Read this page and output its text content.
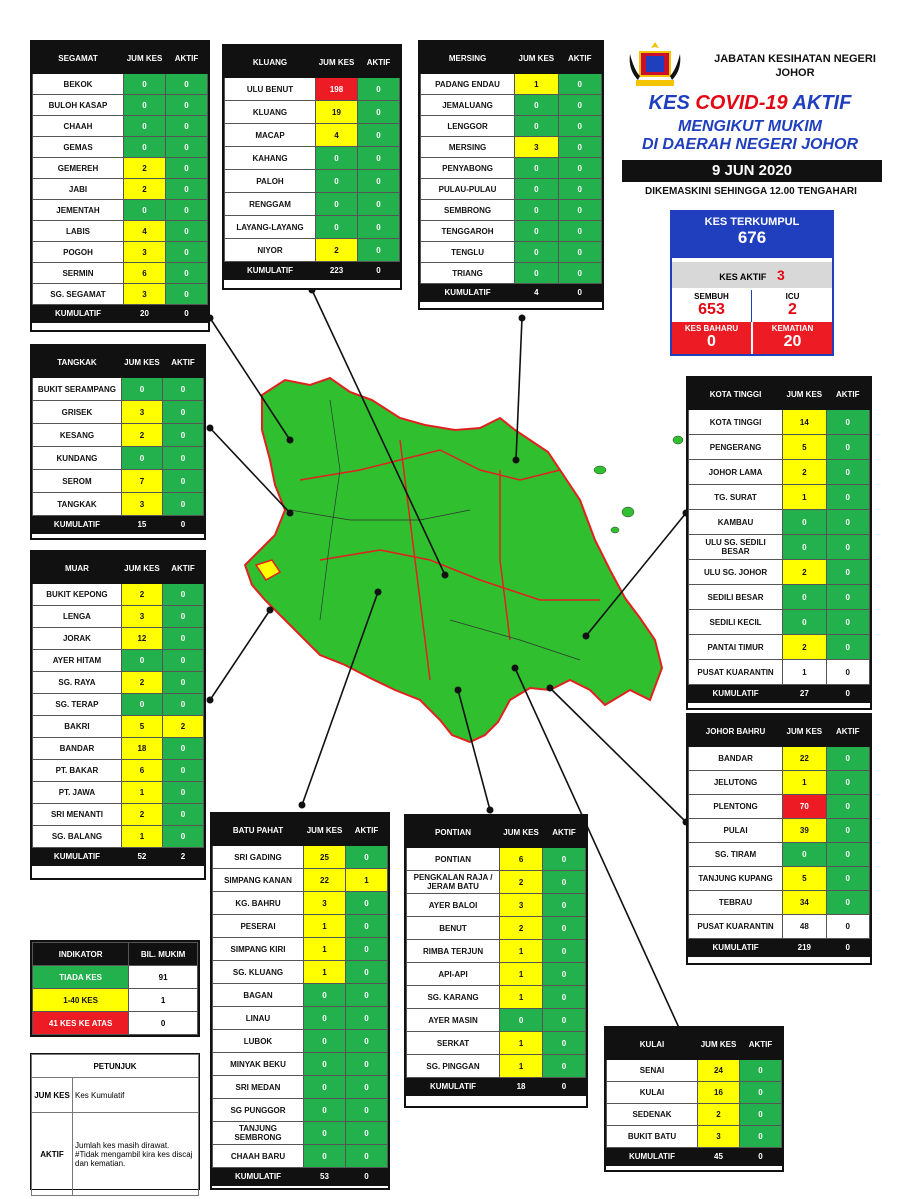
JABATAN KESIHATAN NEGERI
JOHOR
KES COVID-19 AKTIF
MENGIKUT MUKIM
DI DAERAH NEGERI JOHOR
9 JUN 2020
DIKEMASKINI SEHINGGA 12.00 TENGAHARI
KES TERKUMPUL
676
KES AKTIF 3
SEMBUH
653
ICU
2
KES BAHARU
0
KEMATIAN
20
SEGAMAT	JUM KES	AKTIF
BEKOK	0	0
BULOH KASAP	0	0
CHAAH	0	0
GEMAS	0	0
GEMEREH	2	0
JABI	2	0
JEMENTAH	0	0
LABIS	4	0
POGOH	3	0
SERMIN	6	0
SG. SEGAMAT	3	0
KUMULATIF	20	0
KLUANG	JUM KES	AKTIF
ULU BENUT	198	0
KLUANG	19	0
MACAP	4	0
KAHANG	0	0
PALOH	0	0
RENGGAM	0	0
LAYANG-LAYANG	0	0
NIYOR	2	0
KUMULATIF	223	0
MERSING	JUM KES	AKTIF
PADANG ENDAU	1	0
JEMALUANG	0	0
LENGGOR	0	0
MERSING	3	0
PENYABONG	0	0
PULAU-PULAU	0	0
SEMBRONG	0	0
TENGGAROH	0	0
TENGLU	0	0
TRIANG	0	0
KUMULATIF	4	0
TANGKAK	JUM KES	AKTIF
BUKIT SERAMPANG	0	0
GRISEK	3	0
KESANG	2	0
KUNDANG	0	0
SEROM	7	0
TANGKAK	3	0
KUMULATIF	15	0
MUAR	JUM KES	AKTIF
BUKIT KEPONG	2	0
LENGA	3	0
JORAK	12	0
AYER HITAM	0	0
SG. RAYA	2	0
SG. TERAP	0	0
BAKRI	5	2
BANDAR	18	0
PT. BAKAR	6	0
PT. JAWA	1	0
SRI MENANTI	2	0
SG. BALANG	1	0
KUMULATIF	52	2
KOTA TINGGI	JUM KES	AKTIF
KOTA TINGGI	14	0
PENGERANG	5	0
JOHOR LAMA	2	0
TG. SURAT	1	0
KAMBAU	0	0
ULU SG. SEDILI BESAR	0	0
ULU SG. JOHOR	2	0
SEDILI BESAR	0	0
SEDILI KECIL	0	0
PANTAI TIMUR	2	0
PUSAT KUARANTIN	1	0
KUMULATIF	27	0
JOHOR BAHRU	JUM KES	AKTIF
BANDAR	22	0
JELUTONG	1	0
PLENTONG	70	0
PULAI	39	0
SG. TIRAM	0	0
TANJUNG KUPANG	5	0
TEBRAU	34	0
PUSAT KUARANTIN	48	0
KUMULATIF	219	0
BATU PAHAT	JUM KES	AKTIF
SRI GADING	25	0
SIMPANG KANAN	22	1
KG. BAHRU	3	0
PESERAI	1	0
SIMPANG KIRI	1	0
SG. KLUANG	1	0
BAGAN	0	0
LINAU	0	0
LUBOK	0	0
MINYAK BEKU	0	0
SRI MEDAN	0	0
SG PUNGGOR	0	0
TANJUNG SEMBRONG	0	0
CHAAH BARU	0	0
KUMULATIF	53	0
PONTIAN	JUM KES	AKTIF
PONTIAN	6	0
PENGKALAN RAJA / JERAM BATU	2	0
AYER BALOI	3	0
BENUT	2	0
RIMBA TERJUN	1	0
API-API	1	0
SG. KARANG	1	0
AYER MASIN	0	0
SERKAT	1	0
SG. PINGGAN	1	0
KUMULATIF	18	0
KULAI	JUM KES	AKTIF
SENAI	24	0
KULAI	16	0
SEDENAK	2	0
BUKIT BATU	3	0
KUMULATIF	45	0
INDIKATOR	BIL. MUKIM
TIADA KES	91
1-40 KES	1
41 KES KE ATAS	0
PETUNJUK	
JUM KES	Kes Kumulatif
AKTIF	Jumlah kes masih dirawat.
#Tidak mengambil kira kes discaj dan kematian.
